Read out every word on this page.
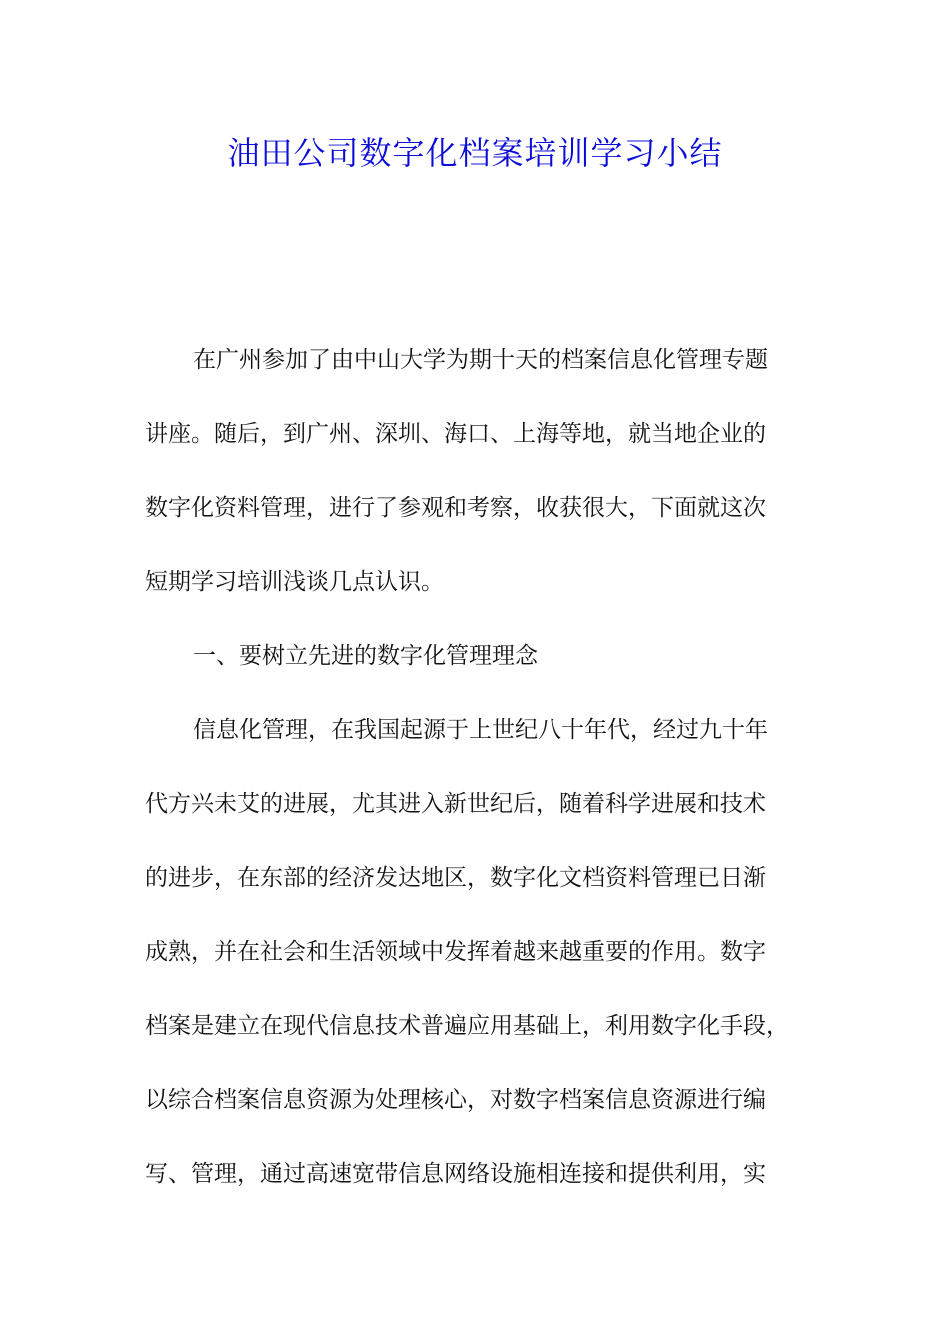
油田公司数字化档案培训学习小结
在广州参加了由中山大学为期十天的档案信息化管理专题
讲座。随后，到广州、深圳、海口、上海等地，就当地企业的
数字化资料管理，进行了参观和考察，收获很大，下面就这次
短期学习培训浅谈几点认识。
一、要树立先进的数字化管理理念
信息化管理，在我国起源于上世纪八十年代，经过九十年
代方兴未艾的进展，尤其进入新世纪后，随着科学进展和技术
的进步，在东部的经济发达地区，数字化文档资料管理已日渐
成熟，并在社会和生活领域中发挥着越来越重要的作用。数字
档案是建立在现代信息技术普遍应用基础上，利用数字化手段，
以综合档案信息资源为处理核心，对数字档案信息资源进行编
写、管理，通过高速宽带信息网络设施相连接和提供利用，实
